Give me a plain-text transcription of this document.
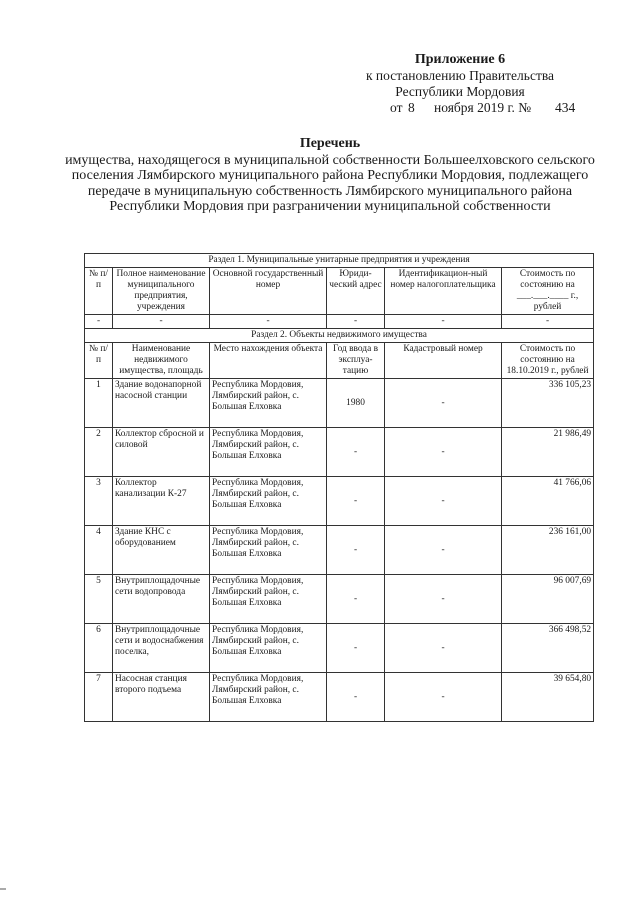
Приложение 6
к постановлению Правительства
Республики Мордовия
от 8 ноября 2019 г. № 434
Перечень
имущества, находящегося в муниципальной собственности Большеелховского сельского поселения Лямбирского муниципального района Республики Мордовия, подлежащего передаче в муниципальную собственность Лямбирского муниципального района Республики Мордовия при разграничении муниципальной собственности
Раздел 1. Муниципальные унитарные предприятия и учреждения					
№ п/п	Полное наименование муниципального предприятия, учреждения	Основной государственный номер	Юриди-ческий адрес	Идентификацион-ный номер налогоплательщика	Стоимость по состоянию на ___.___.____ г., рублей
-	-	-	-	-	-
Раздел 2. Объекты недвижимого имущества					
№ п/п	Наименование недвижимого имущества, площадь	Место нахождения объекта	Год ввода в эксплуа-тацию	Кадастровый номер	Стоимость по состоянию на 18.10.2019 г., рублей
1	Здание водонапорной насосной станции	Республика Мордовия, Лямбирский район, с. Большая Елховка	1980	-	336 105,23
2	Коллектор сбросной и силовой	Республика Мордовия, Лямбирский район, с. Большая Елховка	-	-	21 986,49
3	Коллектор канализации К-27	Республика Мордовия, Лямбирский район, с. Большая Елховка	-	-	41 766,06
4	Здание КНС с оборудованием	Республика Мордовия, Лямбирский район, с. Большая Елховка	-	-	236 161,00
5	Внутриплощадочные сети водопровода	Республика Мордовия, Лямбирский район, с. Большая Елховка	-	-	96 007,69
6	Внутриплощадочные сети и водоснабжения поселка,	Республика Мордовия, Лямбирский район, с. Большая Елховка	-	-	366 498,52
7	Насосная станция второго подъема	Республика Мордовия, Лямбирский район, с. Большая Елховка	-	-	39 654,80
